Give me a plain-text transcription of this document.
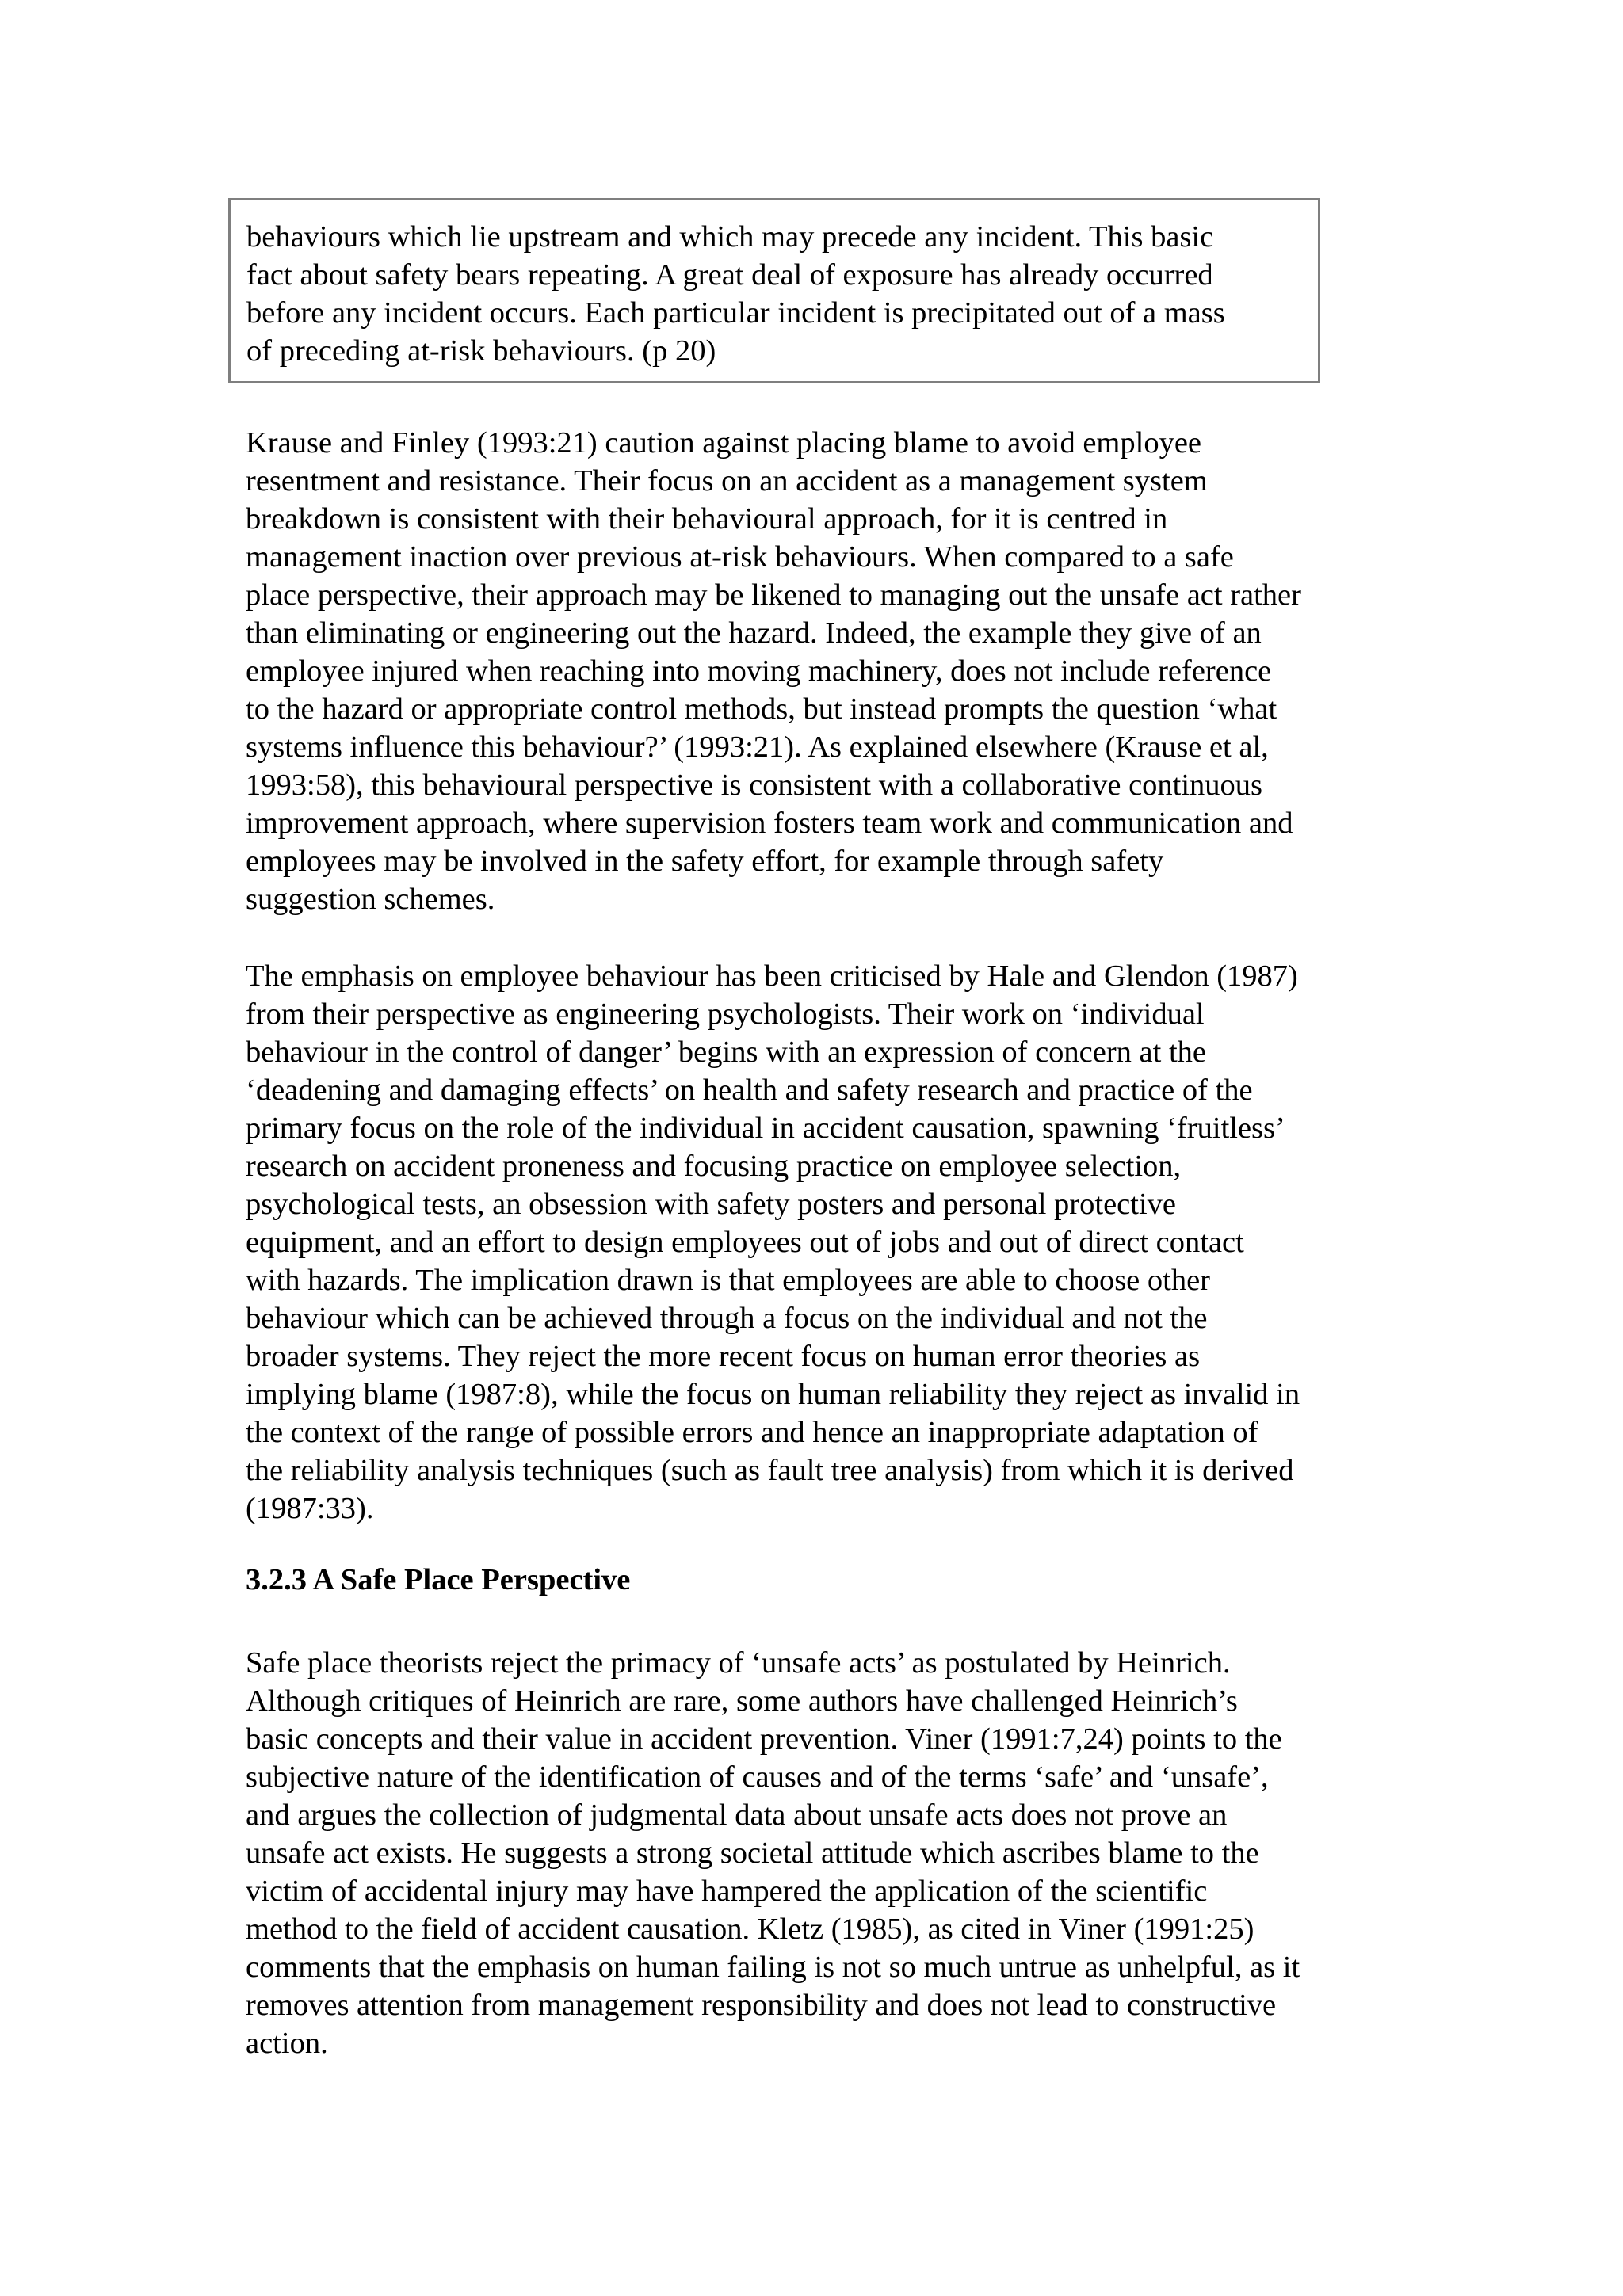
behaviours which lie upstream and which may precede any incident. This basic
fact about safety bears repeating. A great deal of exposure has already occurred
before any incident occurs. Each particular incident is precipitated out of a mass
of preceding at-risk behaviours. (p 20)
Krause and Finley (1993:21) caution against placing blame to avoid employee
resentment and resistance. Their focus on an accident as a management system
breakdown is consistent with their behavioural approach, for it is centred in
management inaction over previous at-risk behaviours. When compared to a safe
place perspective, their approach may be likened to managing out the unsafe act rather
than eliminating or engineering out the hazard. Indeed, the example they give of an
employee injured when reaching into moving machinery, does not include reference
to the hazard or appropriate control methods, but instead prompts the question ‘what
systems influence this behaviour?’ (1993:21). As explained elsewhere (Krause et al,
1993:58), this behavioural perspective is consistent with a collaborative continuous
improvement approach, where supervision fosters team work and communication and
employees may be involved in the safety effort, for example through safety
suggestion schemes.
The emphasis on employee behaviour has been criticised by Hale and Glendon (1987)
from their perspective as engineering psychologists. Their work on ‘individual
behaviour in the control of danger’ begins with an expression of concern at the
‘deadening and damaging effects’ on health and safety research and practice of the
primary focus on the role of the individual in accident causation, spawning ‘fruitless’
research on accident proneness and focusing practice on employee selection,
psychological tests, an obsession with safety posters and personal protective
equipment, and an effort to design employees out of jobs and out of direct contact
with hazards. The implication drawn is that employees are able to choose other
behaviour which can be achieved through a focus on the individual and not the
broader systems. They reject the more recent focus on human error theories as
implying blame (1987:8), while the focus on human reliability they reject as invalid in
the context of the range of possible errors and hence an inappropriate adaptation of
the reliability analysis techniques (such as fault tree analysis) from which it is derived
(1987:33).
3.2.3 A Safe Place Perspective
Safe place theorists reject the primacy of ‘unsafe acts’ as postulated by Heinrich.
Although critiques of Heinrich are rare, some authors have challenged Heinrich’s
basic concepts and their value in accident prevention. Viner (1991:7,24) points to the
subjective nature of the identification of causes and of the terms ‘safe’ and ‘unsafe’,
and argues the collection of judgmental data about unsafe acts does not prove an
unsafe act exists. He suggests a strong societal attitude which ascribes blame to the
victim of accidental injury may have hampered the application of the scientific
method to the field of accident causation. Kletz (1985), as cited in Viner (1991:25)
comments that the emphasis on human failing is not so much untrue as unhelpful, as it
removes attention from management responsibility and does not lead to constructive
action.
